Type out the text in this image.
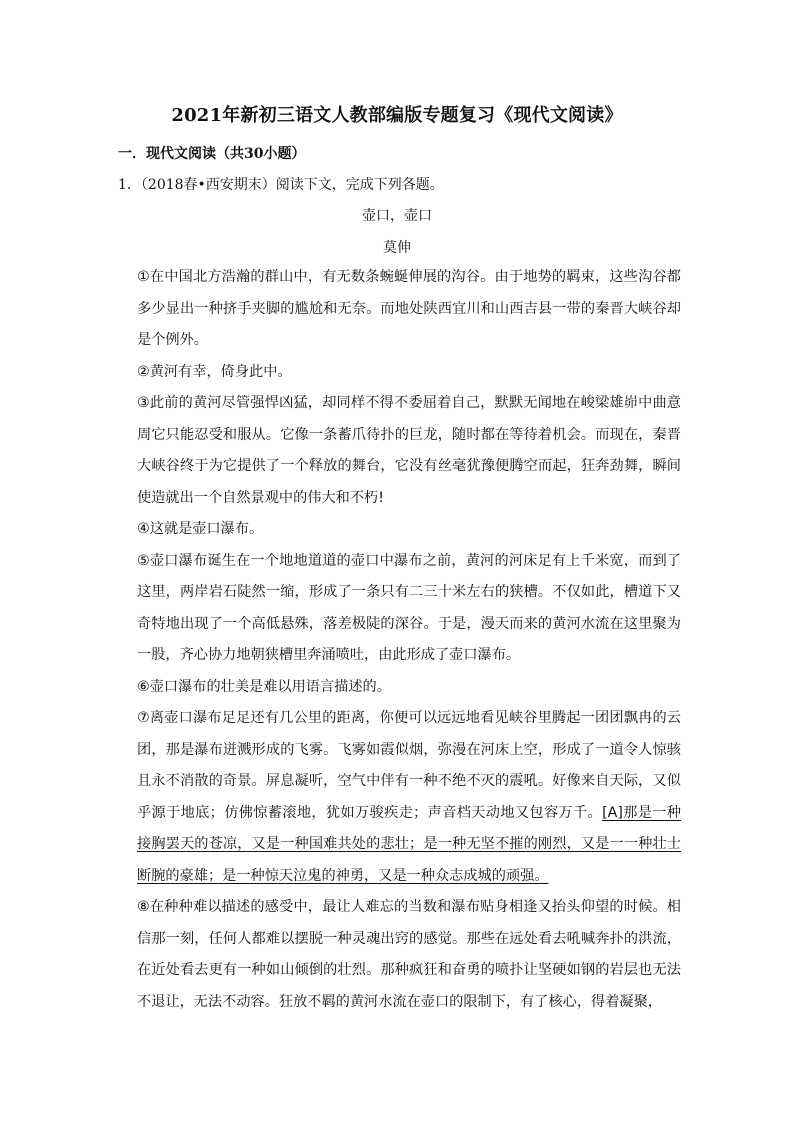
2021年新初三语文人教部编版专题复习《现代文阅读》
一．现代文阅读（共30小题）
1．（2018春•西安期末）阅读下文，完成下列各题。
壶口，壶口
莫伸

①在中国北方浩瀚的群山中，有无数条蜿蜒伸展的沟谷。由于地势的羁束，这些沟谷都多少显出一种挤手夹脚的尴尬和无奈。而地处陕西宜川和山西吉县一带的秦晋大峡谷却是个例外。

②黄河有幸，倚身此中。

③此前的黄河尽管强悍凶猛，却同样不得不委屈着自己，默默无闻地在峻梁雄峁中曲意周它只能忍受和服从。它像一条蓄爪待扑的巨龙，随时都在等待着机会。而现在，秦晋大峡谷终于为它提供了一个释放的舞台，它没有丝毫犹豫便腾空而起，狂奔劲舞，瞬间使造就出一个自然景观中的伟大和不朽!

④这就是壶口瀑布。

⑤壶口瀑布诞生在一个地地道道的壶口中瀑布之前，黄河的河床足有上千米宽，而到了这里，两岸岩石陡然一缩，形成了一条只有二三十米左右的狭槽。不仅如此，槽道下又奇特地出现了一个高低悬殊，落差极陡的深谷。于是，漫天而来的黄河水流在这里聚为一股，齐心协力地朝狭槽里奔涌喷吐，由此形成了壶口瀑布。

⑥壶口瀑布的壮美是难以用语言描述的。

⑦离壶口瀑布足足还有几公里的距离，你便可以远远地看见峡谷里腾起一团团飘冉的云团，那是瀑布迸溅形成的飞雾。飞雾如霞似烟，弥漫在河床上空，形成了一道令人惊骇且永不消散的奇景。屏息凝听，空气中伴有一种不绝不灭的震吼。好像来自天际，又似乎源于地底；仿佛惊蓄滚地，犹如万骏疾走；声音档天动地又包容万千。[A]那是一种接胸罢天的苍凉，又是一种国难共处的悲壮；是一种无坚不摧的刚烈，又是一一种壮士断腕的豪雄；是一种惊天泣鬼的神勇，又是一种众志成城的顽强。

⑧在种种难以描述的感受中，最让人难忘的当数和瀑布贴身相逢又抬头仰望的时候。相信那一刻，任何人都难以摆脱一种灵魂出窍的感觉。那些在远处看去吼喊奔扑的洪流，在近处看去更有一种如山倾倒的壮烈。那种疯狂和奋勇的喷扑让坚硬如钢的岩层也无法不退让，无法不动容。狂放不羁的黄河水流在壶口的限制下，有了核心，得着凝聚，
